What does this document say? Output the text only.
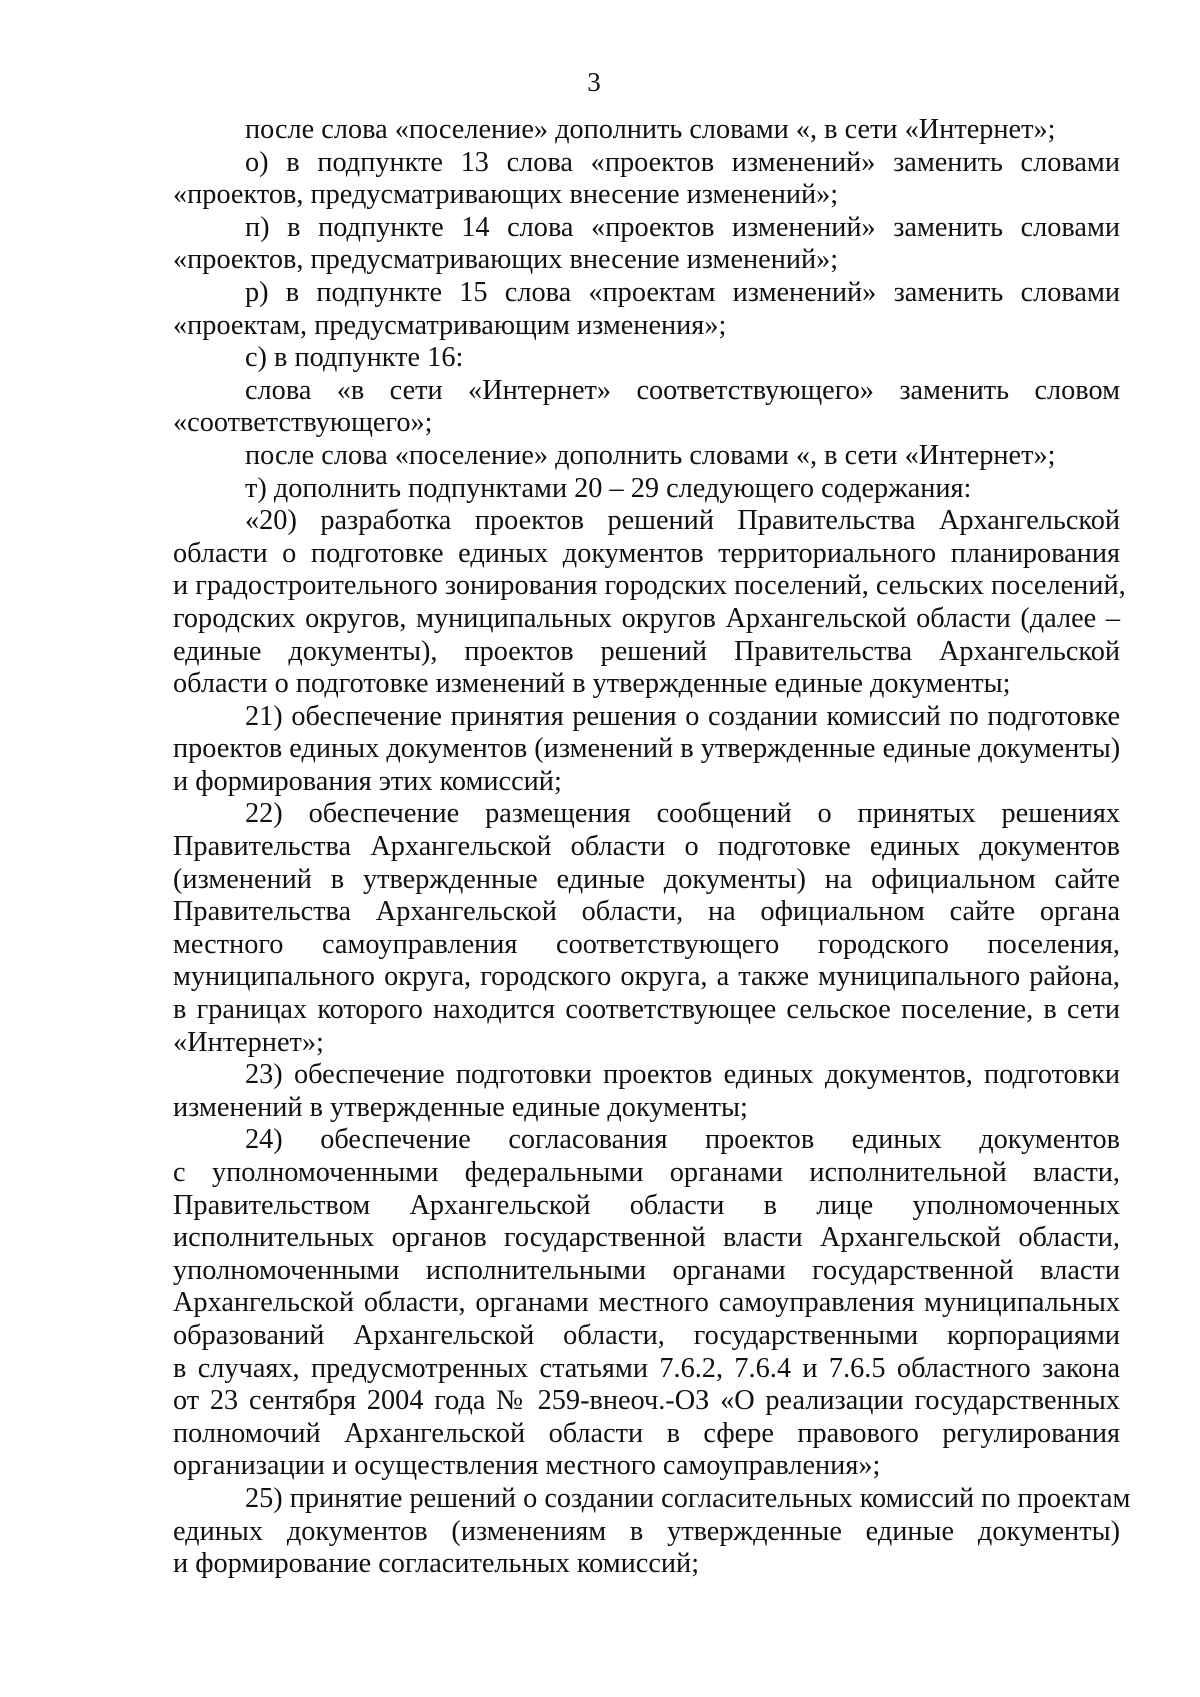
3
после слова «поселение» дополнить словами «, в сети «Интернет»;
о) в подпункте 13 слова «проектов изменений» заменить словами
«проектов, предусматривающих внесение изменений»;
п) в подпункте 14 слова «проектов изменений» заменить словами
«проектов, предусматривающих внесение изменений»;
р) в подпункте 15 слова «проектам изменений» заменить словами
«проектам, предусматривающим изменения»;
с) в подпункте 16:
слова «в сети «Интернет» соответствующего» заменить словом
«соответствующего»;
после слова «поселение» дополнить словами «, в сети «Интернет»;
т) дополнить подпунктами 20 – 29 следующего содержания:
«20) разработка проектов решений Правительства Архангельской
области о подготовке единых документов территориального планирования
и градостроительного зонирования городских поселений, сельских поселений,
городских округов, муниципальных округов Архангельской области (далее –
единые документы), проектов решений Правительства Архангельской
области о подготовке изменений в утвержденные единые документы;
21) обеспечение принятия решения о создании комиссий по подготовке
проектов единых документов (изменений в утвержденные единые документы)
и формирования этих комиссий;
22) обеспечение размещения сообщений о принятых решениях
Правительства Архангельской области о подготовке единых документов
(изменений в утвержденные единые документы) на официальном сайте
Правительства Архангельской области, на официальном сайте органа
местного самоуправления соответствующего городского поселения,
муниципального округа, городского округа, а также муниципального района,
в границах которого находится соответствующее сельское поселение, в сети
«Интернет»;
23) обеспечение подготовки проектов единых документов, подготовки
изменений в утвержденные единые документы;
24) обеспечение согласования проектов единых документов
с уполномоченными федеральными органами исполнительной власти,
Правительством Архангельской области в лице уполномоченных
исполнительных органов государственной власти Архангельской области,
уполномоченными исполнительными органами государственной власти
Архангельской области, органами местного самоуправления муниципальных
образований Архангельской области, государственными корпорациями
в случаях, предусмотренных статьями 7.6.2, 7.6.4 и 7.6.5 областного закона
от 23 сентября 2004 года № 259-внеоч.-ОЗ «О реализации государственных
полномочий Архангельской области в сфере правового регулирования
организации и осуществления местного самоуправления»;
25) принятие решений о создании согласительных комиссий по проектам
единых документов (изменениям в утвержденные единые документы)
и формирование согласительных комиссий;
